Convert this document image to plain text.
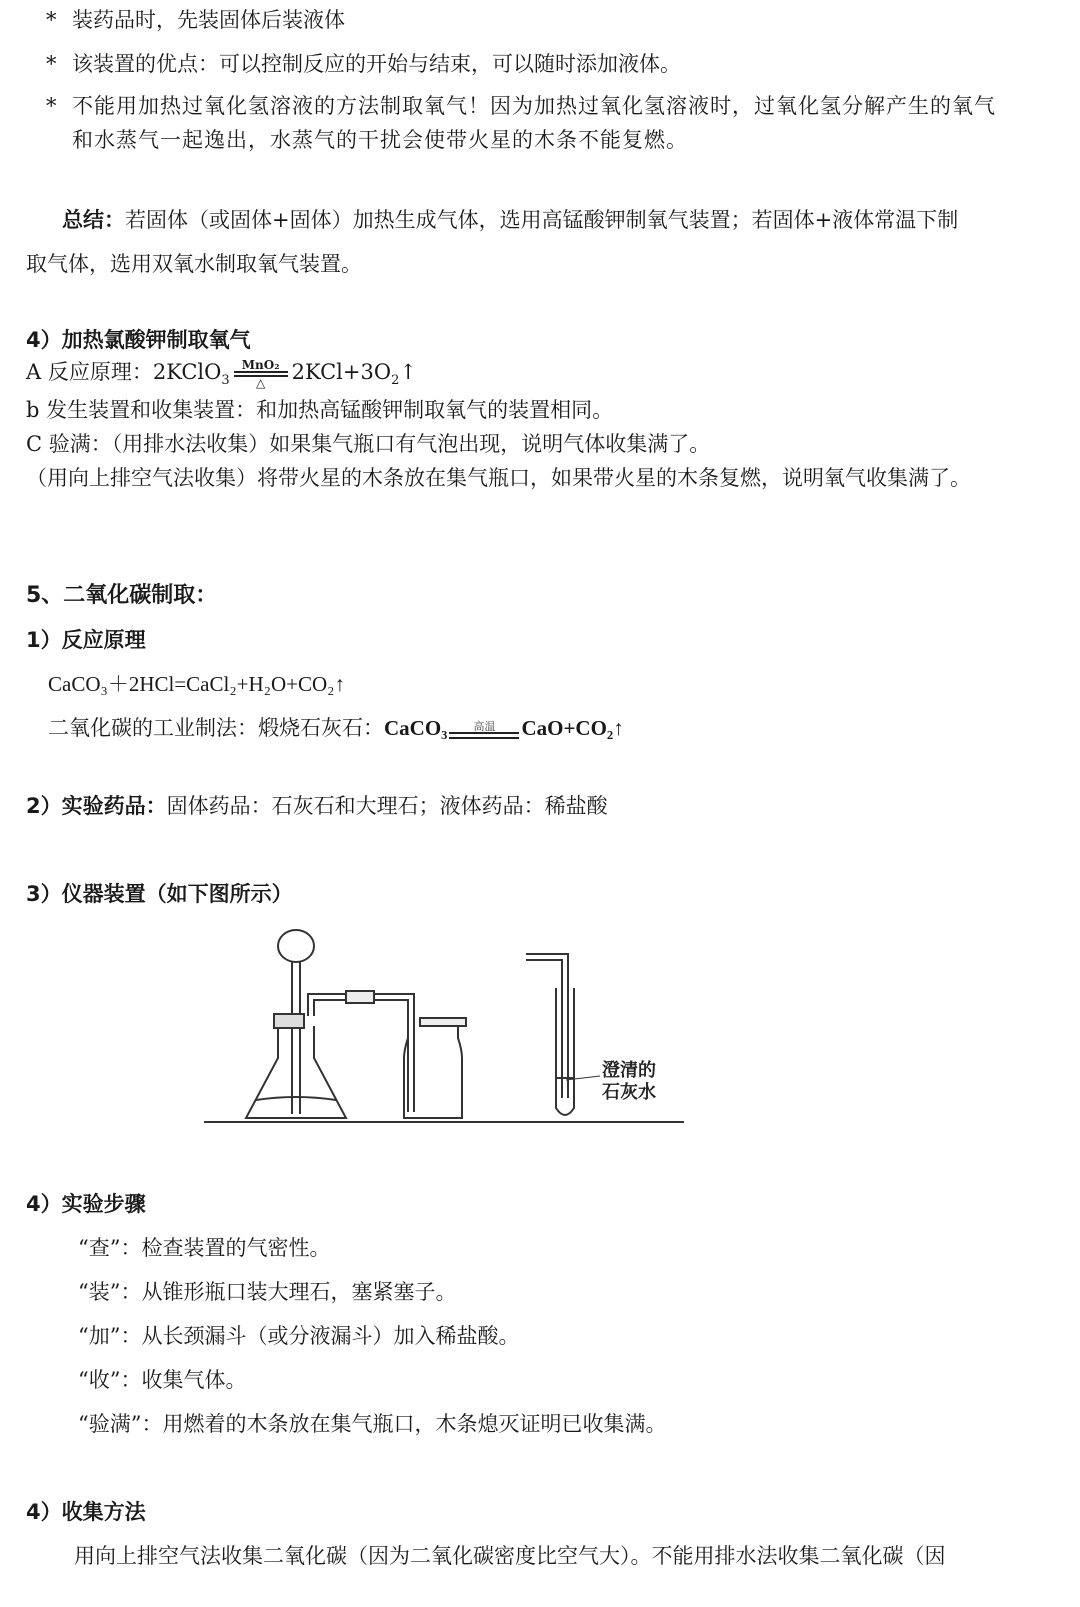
* 装药品时，先装固体后装液体
* 该装置的优点：可以控制反应的开始与结束，可以随时添加液体。
* 不能用加热过氧化氢溶液的方法制取氧气！因为加热过氧化氢溶液时，过氧化氢分解产生的氧气
和水蒸气一起逸出，水蒸气的干扰会使带火星的木条不能复燃。
总结：若固体（或固体+固体）加热生成气体，选用高锰酸钾制氧气装置；若固体+液体常温下制
取气体，选用双氧水制取氧气装置。
4）加热氯酸钾制取氧气
A 反应原理：2KClO$_3$
MnO₂
△	$2KCl+3O_2↑$
b 发生装置和收集装置：和加热高锰酸钾制取氧气的装置相同。
C 验满：（用排水法收集）如果集气瓶口有气泡出现，说明气体收集满了。
（用向上排空气法收集）将带火星的木条放在集气瓶口，如果带火星的木条复燃，说明氧气收集满了。
5、二氧化碳制取：
1）反应原理
CaCO₃＋2HCl=CaCl₂+H₂O+CO₂↑
二氧化碳的工业制法：煅烧石灰石：CaCO₃	高温	CaO+CO₂↑
2）实验药品：固体药品：石灰石和大理石；液体药品：稀盐酸
3）仪器装置（如下图所示）
澄清的
石灰水
4）实验步骤
“查”：检查装置的气密性。
“装”：从锥形瓶口装大理石，塞紧塞子。
“加”：从长颈漏斗（或分液漏斗）加入稀盐酸。
“收”：收集气体。
“验满”：用燃着的木条放在集气瓶口，木条熄灭证明已收集满。
4）收集方法
用向上排空气法收集二氧化碳（因为二氧化碳密度比空气大）。不能用排水法收集二氧化碳（因
